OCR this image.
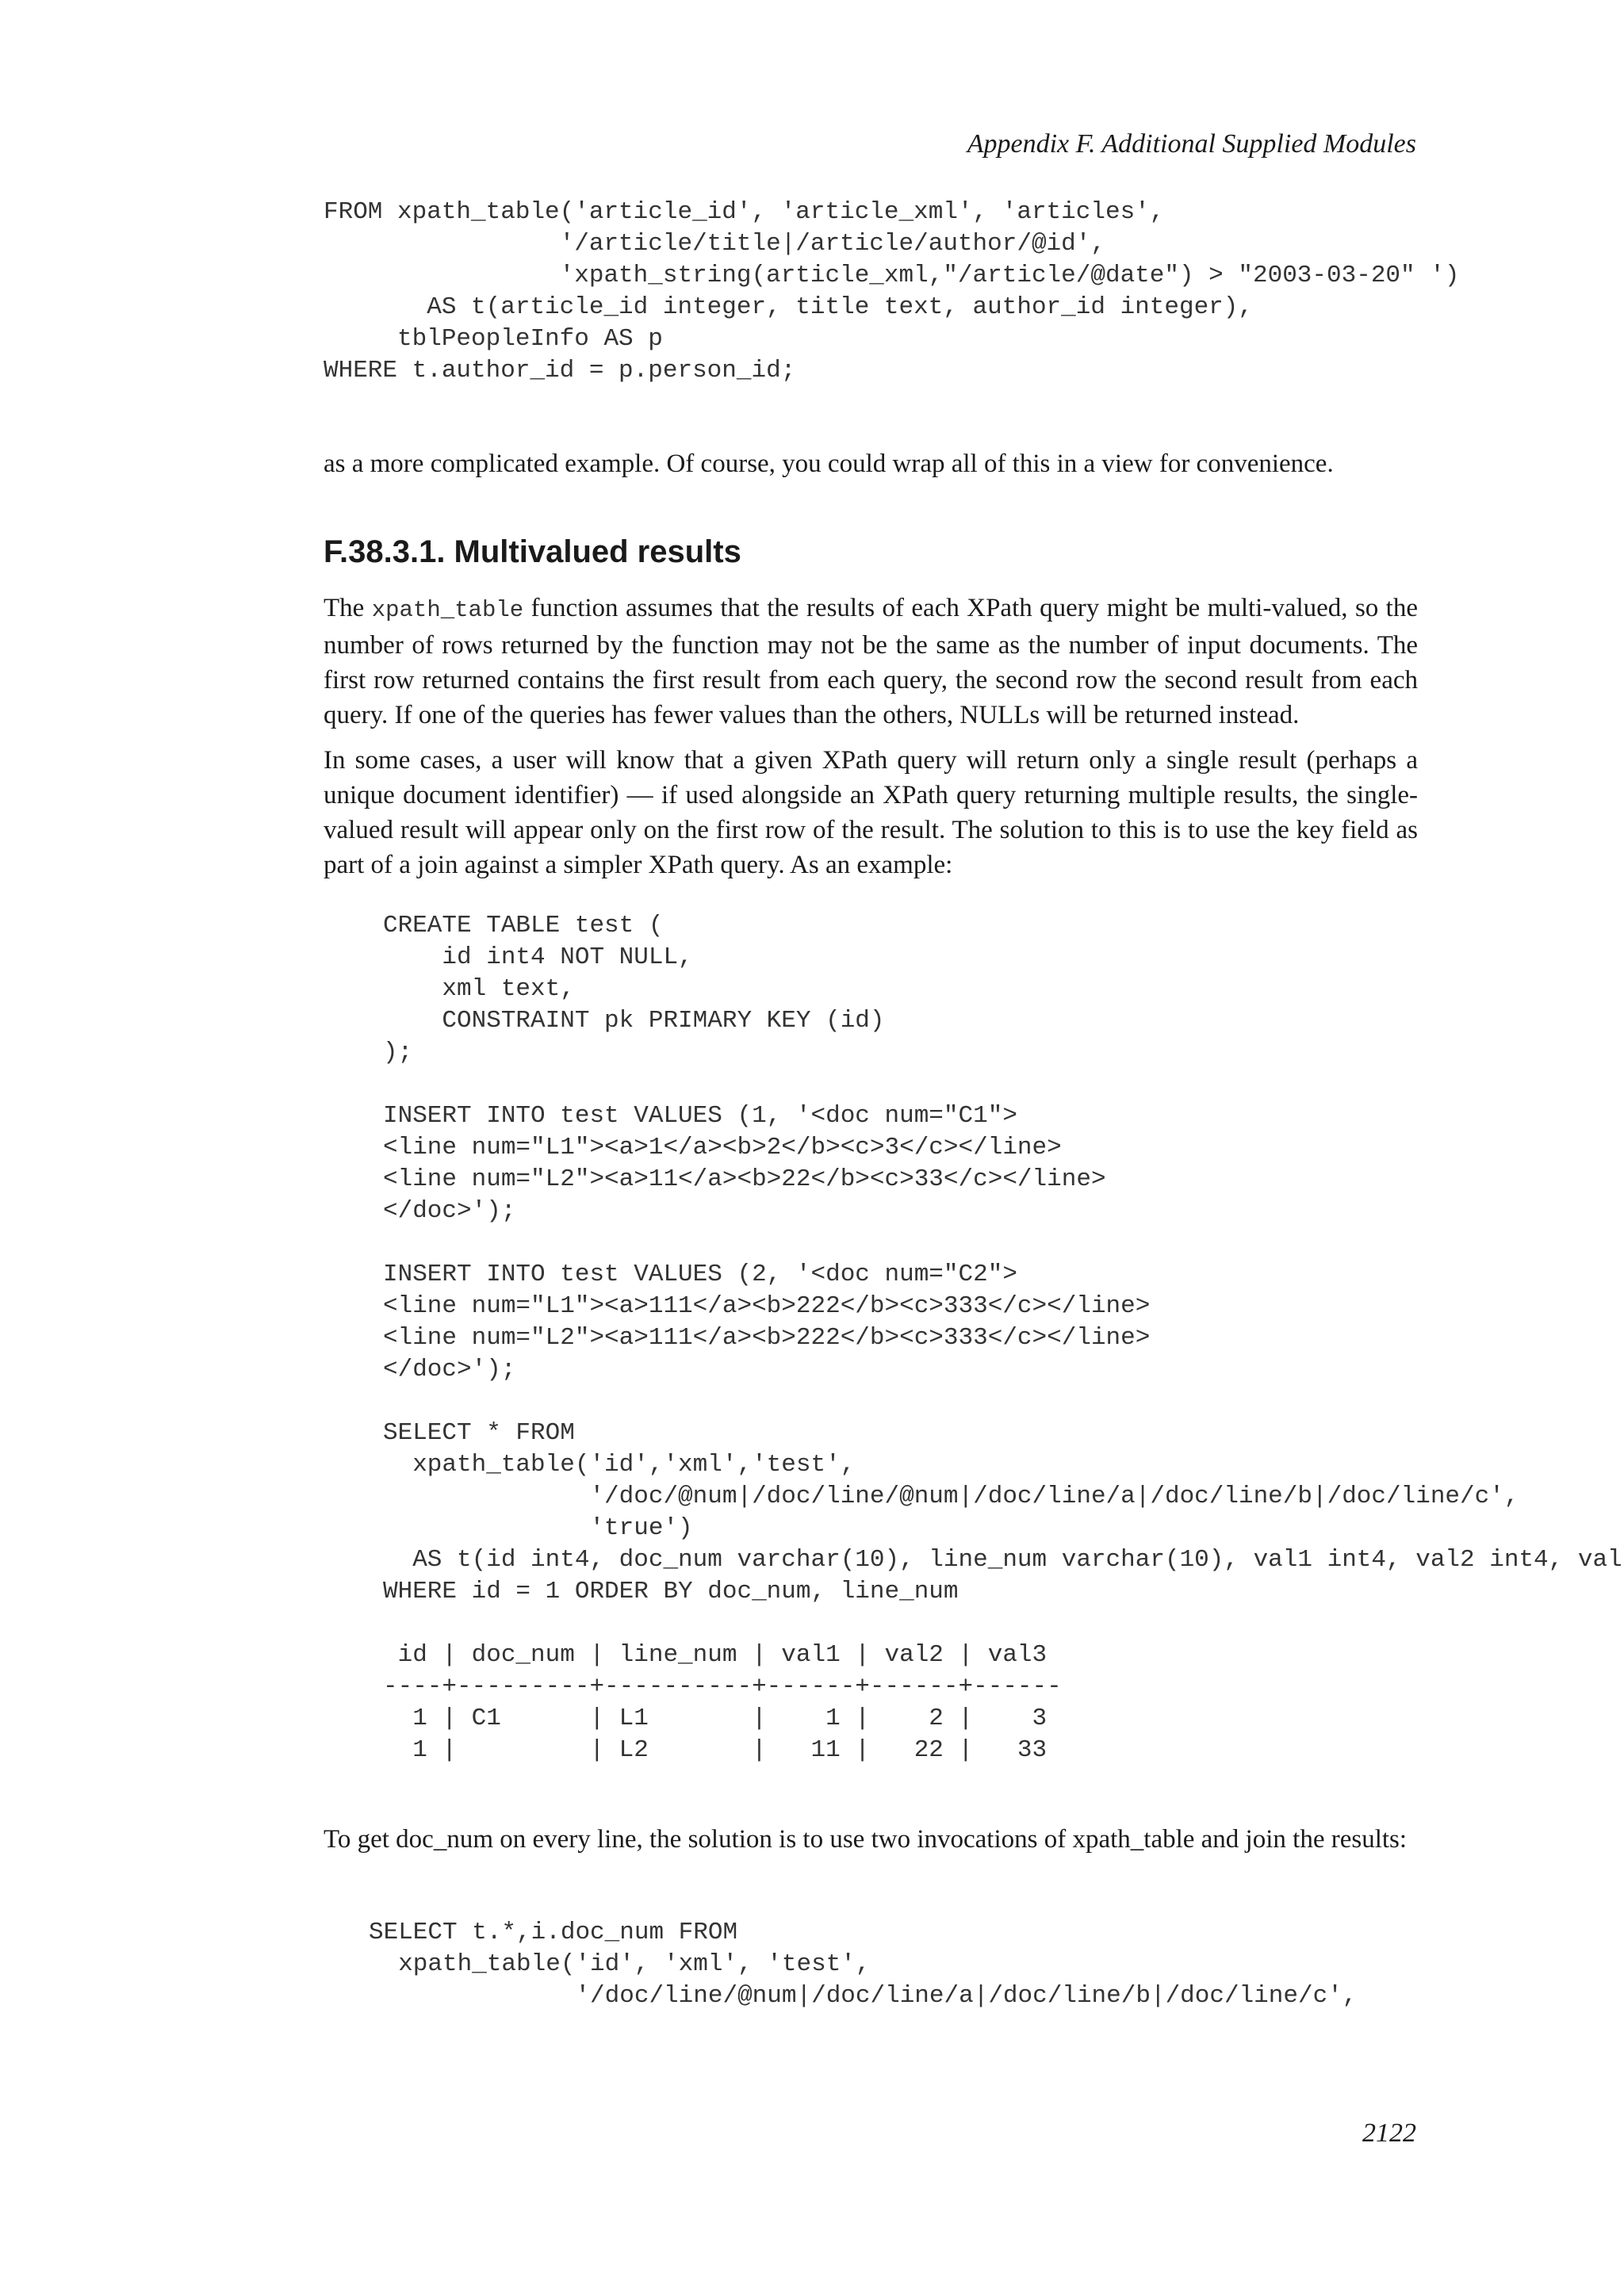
Appendix F. Additional Supplied Modules
FROM xpath_table('article_id', 'article_xml', 'articles',
'/article/title|/article/author/@id',
'xpath_string(article_xml,"/article/@date") > "2003-03-20" ')
AS t(article_id integer, title text, author_id integer),
tblPeopleInfo AS p
WHERE t.author_id = p.person_id;

as a more complicated example. Of course, you could wrap all of this in a view for convenience.

F.38.3.1. Multivalued results

The xpath_table function assumes that the results of each XPath query might be multi-valued, so the number of rows returned by the function may not be the same as the number of input documents. The first row returned contains the first result from each query, the second row the second result from each query. If one of the queries has fewer values than the others, NULLs will be returned instead.

In some cases, a user will know that a given XPath query will return only a single result (perhaps a unique document identifier) — if used alongside an XPath query returning multiple results, the single-valued result will appear only on the first row of the result. The solution to this is to use the key field as part of a join against a simpler XPath query. As an example:

CREATE TABLE test (
id int4 NOT NULL,
xml text,
CONSTRAINT pk PRIMARY KEY (id)
);

INSERT INTO test VALUES (1, '<doc num="C1">
<line num="L1"><a>1</a><b>2</b><c>3</c></line>
<line num="L2"><a>11</a><b>22</b><c>33</c></line>
</doc>');

INSERT INTO test VALUES (2, '<doc num="C2">
<line num="L1"><a>111</a><b>222</b><c>333</c></line>
<line num="L2"><a>111</a><b>222</b><c>333</c></line>
</doc>');

SELECT * FROM
xpath_table('id','xml','test',
'/doc/@num|/doc/line/@num|/doc/line/a|/doc/line/b|/doc/line/c',
'true')
AS t(id int4, doc_num varchar(10), line_num varchar(10), val1 int4, val2 int4, val
WHERE id = 1 ORDER BY doc_num, line_num

id | doc_num | line_num | val1 | val2 | val3
----+---------+----------+------+------+------
1 | C1      | L1       |    1 |    2 |    3
1 |         | L2       |   11 |   22 |   33

To get doc_num on every line, the solution is to use two invocations of xpath_table and join the results:

SELECT t.*,i.doc_num FROM
xpath_table('id', 'xml', 'test',
'/doc/line/@num|/doc/line/a|/doc/line/b|/doc/line/c',
2122
